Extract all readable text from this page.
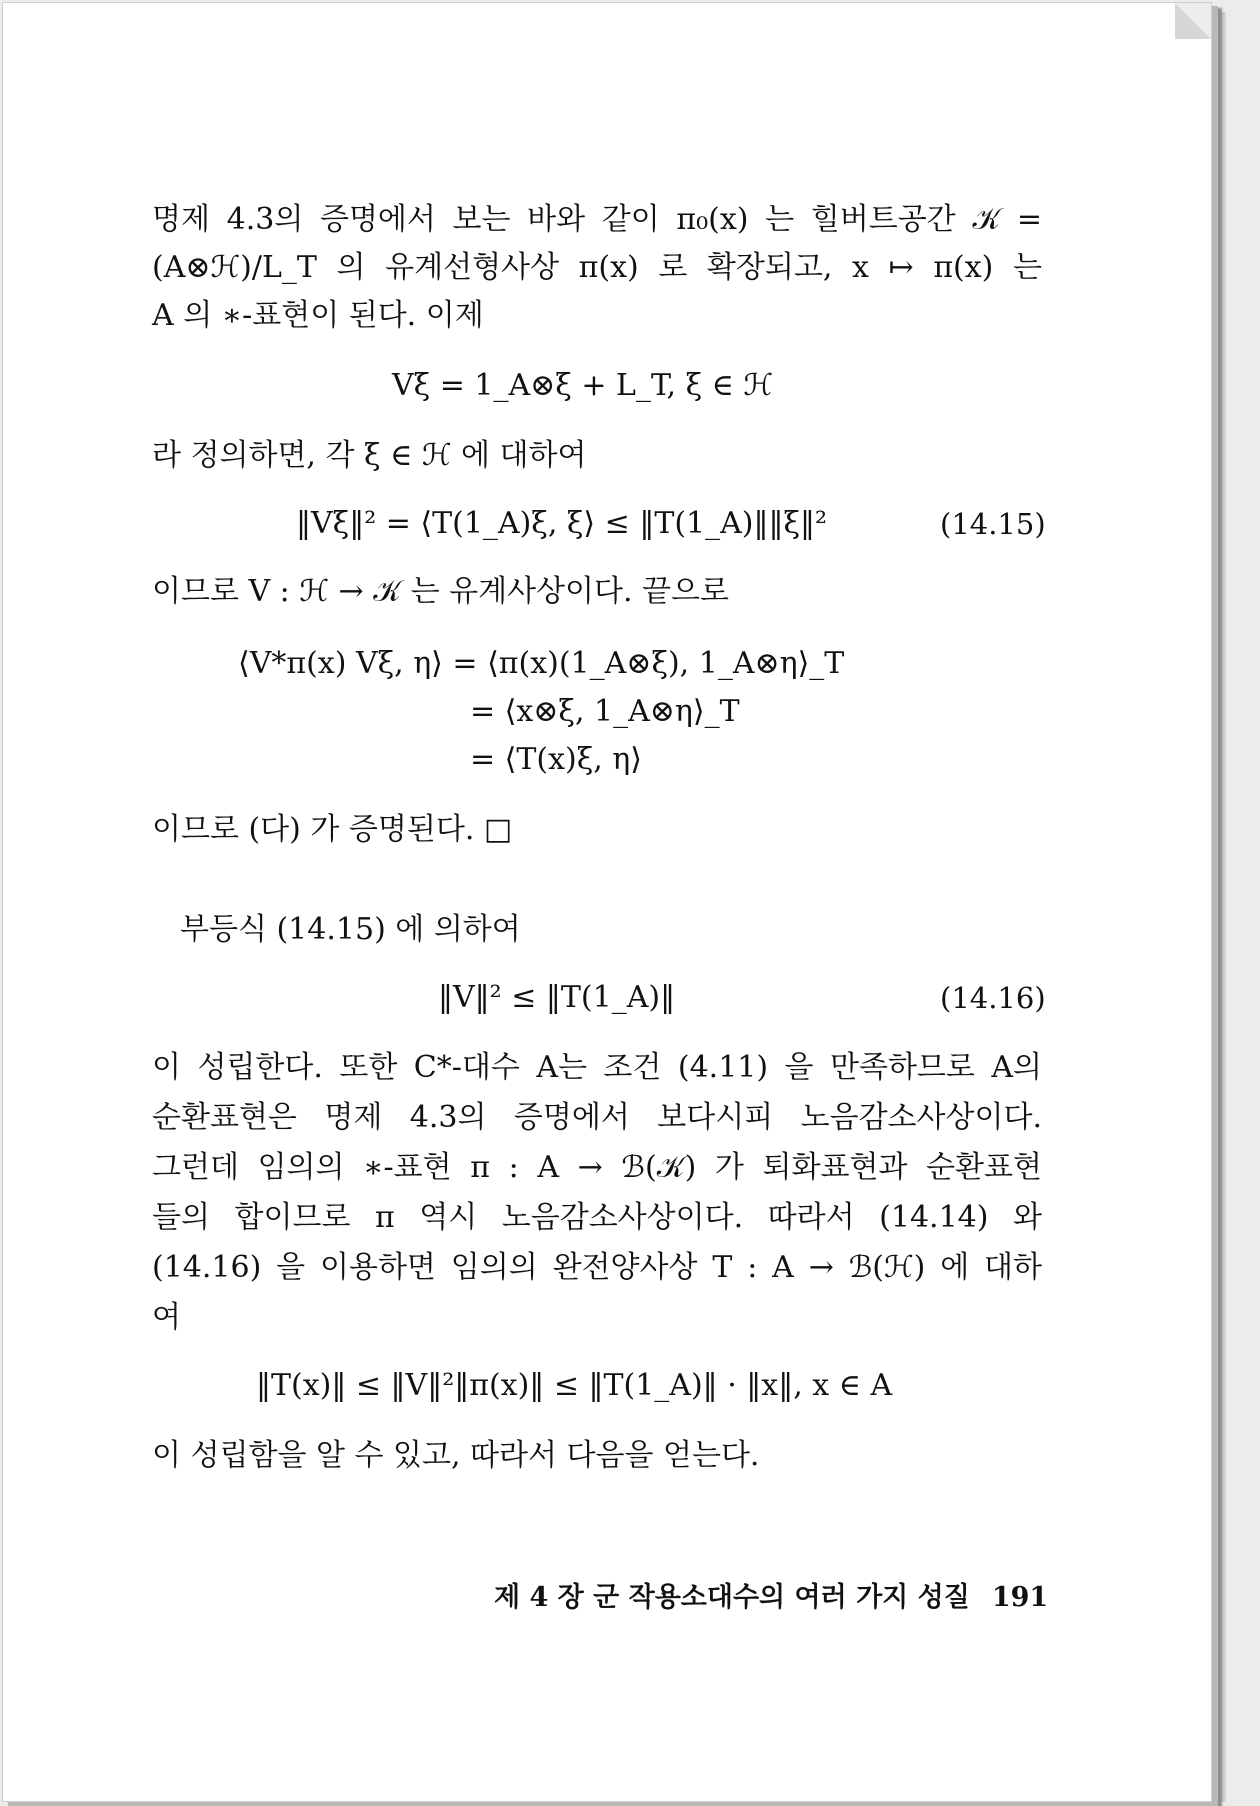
명제 4.3의 증명에서 보는 바와 같이 π₀(x) 는 힐버트공간 𝒦 =
(A⊗ℋ)/L_T 의 유계선형사상 π(x) 로 확장되고, x ↦ π(x) 는
A 의 ∗-표현이 된다. 이제
Vξ = 1_A⊗ξ + L_T, ξ ∈ ℋ
라 정의하면, 각 ξ ∈ ℋ 에 대하여
‖Vξ‖² = ⟨T(1_A)ξ, ξ⟩ ≤ ‖T(1_A)‖‖ξ‖²	(14.15)
이므로 V : ℋ → 𝒦 는 유계사상이다. 끝으로
⟨V*π(x) Vξ, η⟩ = ⟨π(x)(1_A⊗ξ), 1_A⊗η⟩_T
= ⟨x⊗ξ, 1_A⊗η⟩_T
= ⟨T(x)ξ, η⟩
이므로 (다) 가 증명된다. □
부등식 (14.15) 에 의하여
‖V‖² ≤ ‖T(1_A)‖	(14.16)
이 성립한다. 또한 C*-대수 A는 조건 (4.11) 을 만족하므로 A의
순환표현은 명제 4.3의 증명에서 보다시피 노음감소사상이다.
그런데 임의의 ∗-표현 π : A → ℬ(𝒦) 가 퇴화표현과 순환표현
들의 합이므로 π 역시 노음감소사상이다. 따라서 (14.14) 와
(14.16) 을 이용하면 임의의 완전양사상 T : A → ℬ(ℋ) 에 대하
여
‖T(x)‖ ≤ ‖V‖²‖π(x)‖ ≤ ‖T(1_A)‖ · ‖x‖, x ∈ A
이 성립함을 알 수 있고, 따라서 다음을 얻는다.
제 4 장 군 작용소대수의 여러 가지 성질 191
